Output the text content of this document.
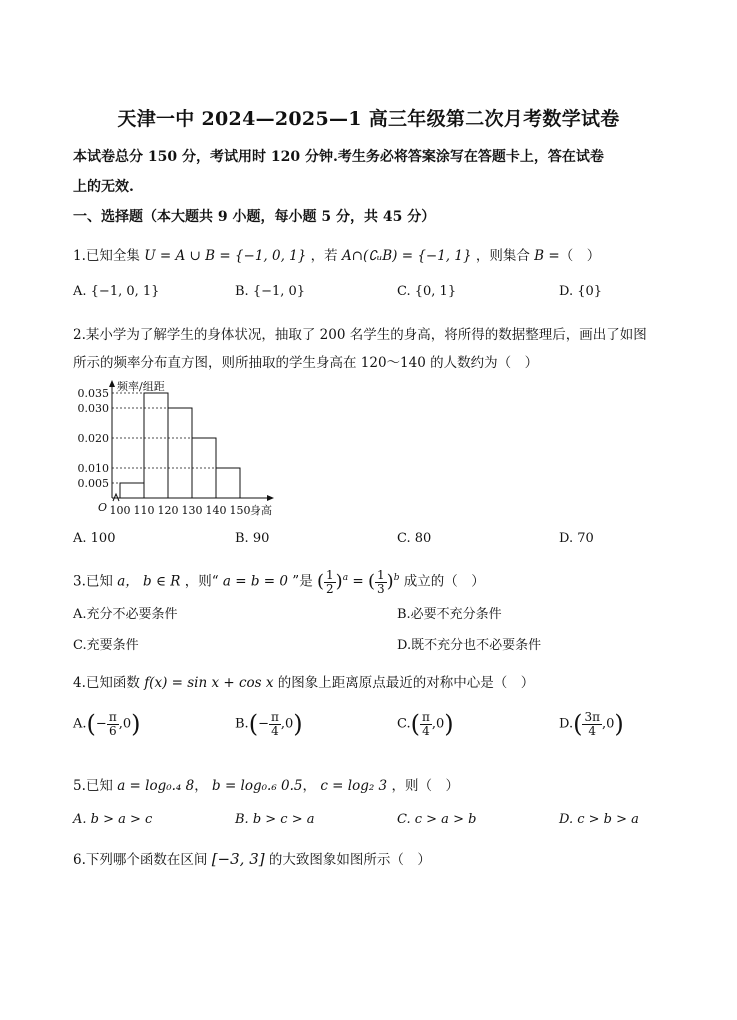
天津一中 2024—2025—1 高三年级第二次月考数学试卷
本试卷总分 150 分，考试用时 120 分钟.考生务必将答案涂写在答题卡上，答在试卷
上的无效.
一、选择题（本大题共 9 小题，每小题 5 分，共 45 分）
1.已知全集 U = A ∪ B = {−1, 0, 1} ，若 A∩(∁ᵤB) = {−1, 1} ，则集合 B =（　）
A. {−1, 0, 1}	B. {−1, 0}	C. {0, 1}	D. {0}
2.某小学为了解学生的身体状况，抽取了 200 名学生的身高，将所得的数据整理后，画出了如图
所示的频率分布直方图，则所抽取的学生身高在 120～140 的人数约为（　）
0.035
0.030
0.020
0.010
0.005
100 110 120 130 140 150
频率/组距
身高
O
A. 100	B. 90	C. 80	D. 70
3.已知 a， b ∈ R ，则“ a = b = 0 ”是 ( $\frac{1}{2} )^a$ = ( $\frac{1}{3} )^b$ 成立的（　）
A.充分不必要条件	B.必要不充分条件
C.充要条件	D.既不充分也不必要条件
4.已知函数 f(x) = sin x + cos x 的图象上距离原点最近的对称中心是（　）
$A.(- \frac{\pi}{6} ,0)$	$B.(- \frac{\pi}{4} ,0)$	$C.( \frac{\pi}{4} ,0)$	$D.( \frac{3\pi}{4} ,0)$
5.已知 a = log₀.₄ 8， b = log₀.₆ 0.5， c = log₂ 3 ，则（　）
A. b > a > c	B. b > c > a	C. c > a > b	D. c > b > a
6.下列哪个函数在区间 [−3, 3] 的大致图象如图所示（　）
